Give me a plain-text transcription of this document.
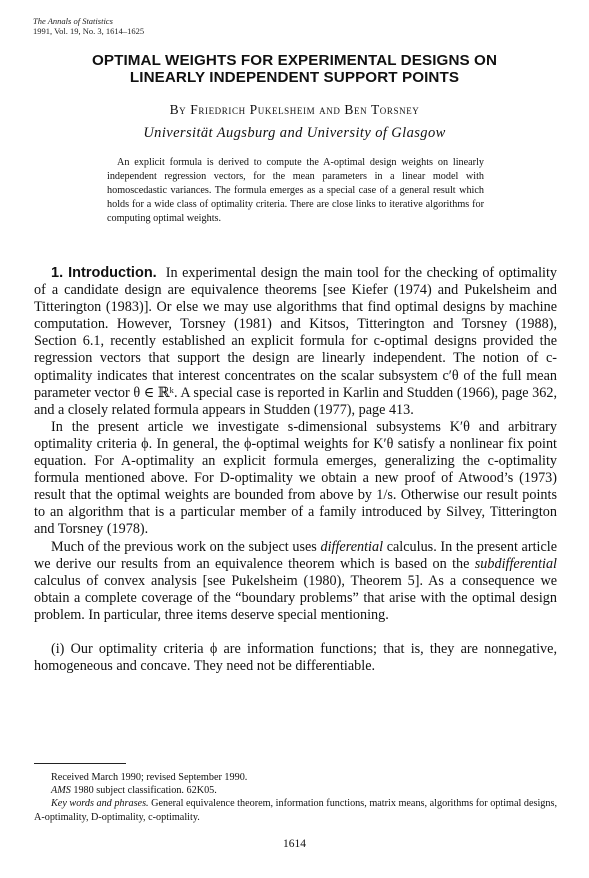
The Annals of Statistics
1991, Vol. 19, No. 3, 1614–1625
OPTIMAL WEIGHTS FOR EXPERIMENTAL DESIGNS ON
LINEARLY INDEPENDENT SUPPORT POINTS
By Friedrich Pukelsheim and Ben Torsney
Universität Augsburg and University of Glasgow
An explicit formula is derived to compute the A-optimal design weights on linearly independent regression vectors, for the mean parameters in a linear model with homoscedastic variances. The formula emerges as a special case of a general result which holds for a wide class of optimality criteria. There are close links to iterative algorithms for computing optimal weights.

1. Introduction. In experimental design the main tool for the checking of optimality of a candidate design are equivalence theorems [see Kiefer (1974) and Pukelsheim and Titterington (1983)]. Or else we may use algorithms that find optimal designs by machine computation. However, Torsney (1981) and Kitsos, Titterington and Torsney (1988), Section 6.1, recently established an explicit formula for c-optimal designs provided the regression vectors that support the design are linearly independent. The notion of c-optimality indicates that interest concentrates on the scalar subsystem c′θ of the full mean parameter vector θ ∈ ℝᵏ. A special case is reported in Karlin and Studden (1966), page 362, and a closely related formula appears in Studden (1977), page 413.

In the present article we investigate s-dimensional subsystems K′θ and arbitrary optimality criteria ϕ. In general, the ϕ-optimal weights for K′θ satisfy a nonlinear fix point equation. For A-optimality an explicit formula emerges, generalizing the c-optimality formula mentioned above. For D-optimality we obtain a new proof of Atwood’s (1973) result that the optimal weights are bounded from above by 1/s. Otherwise our result points to an algorithm that is a particular member of a family introduced by Silvey, Titterington and Torsney (1978).

Much of the previous work on the subject uses differential calculus. In the present article we derive our results from an equivalence theorem which is based on the subdifferential calculus of convex analysis [see Pukelsheim (1980), Theorem 5]. As a consequence we obtain a complete coverage of the “boundary problems” that arise with the optimal design problem. In particular, three items deserve special mentioning.

(i) Our optimality criteria ϕ are information functions; that is, they are nonnegative, homogeneous and concave. They need not be differentiable.

Received March 1990; revised September 1990.

AMS 1980 subject classification. 62K05.

Key words and phrases. General equivalence theorem, information functions, matrix means, algorithms for optimal designs, A-optimality, D-optimality, c-optimality.

1614
